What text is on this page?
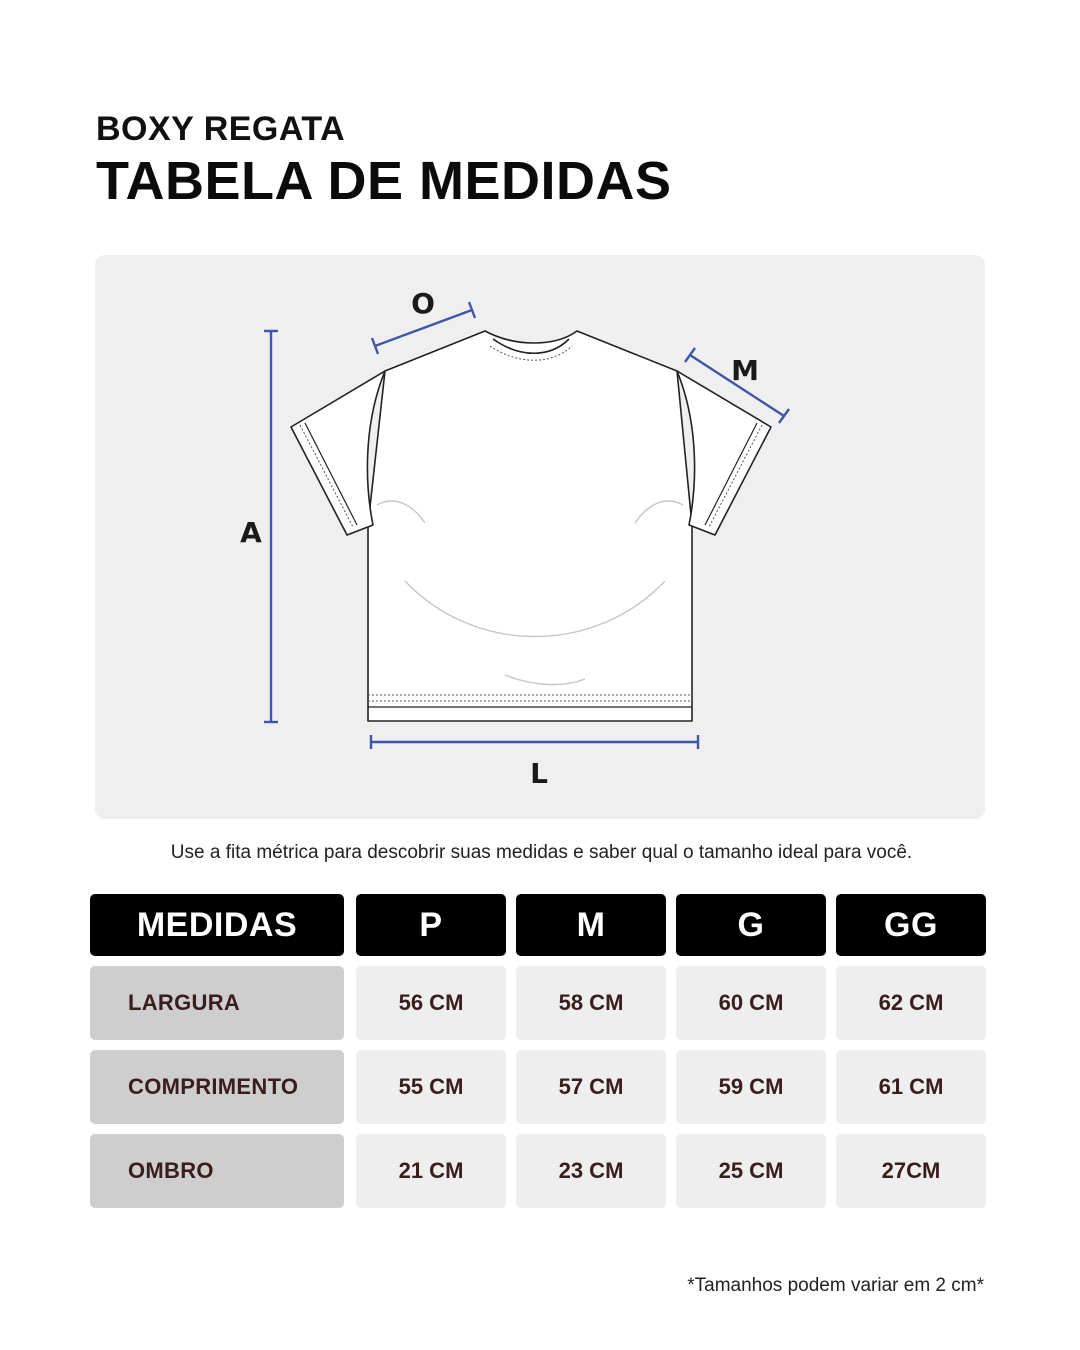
BOXY REGATA
TABELA DE MEDIDAS
O
M
A
L
Use a fita métrica para descobrir suas medidas e saber qual o tamanho ideal para você.
MEDIDAS	P	M	G	GG
LARGURA	56 CM	58 CM	60 CM	62 CM
COMPRIMENTO	55 CM	57 CM	59 CM	61 CM
OMBRO	21 CM	23 CM	25 CM	27CM
*Tamanhos podem variar em 2 cm*
